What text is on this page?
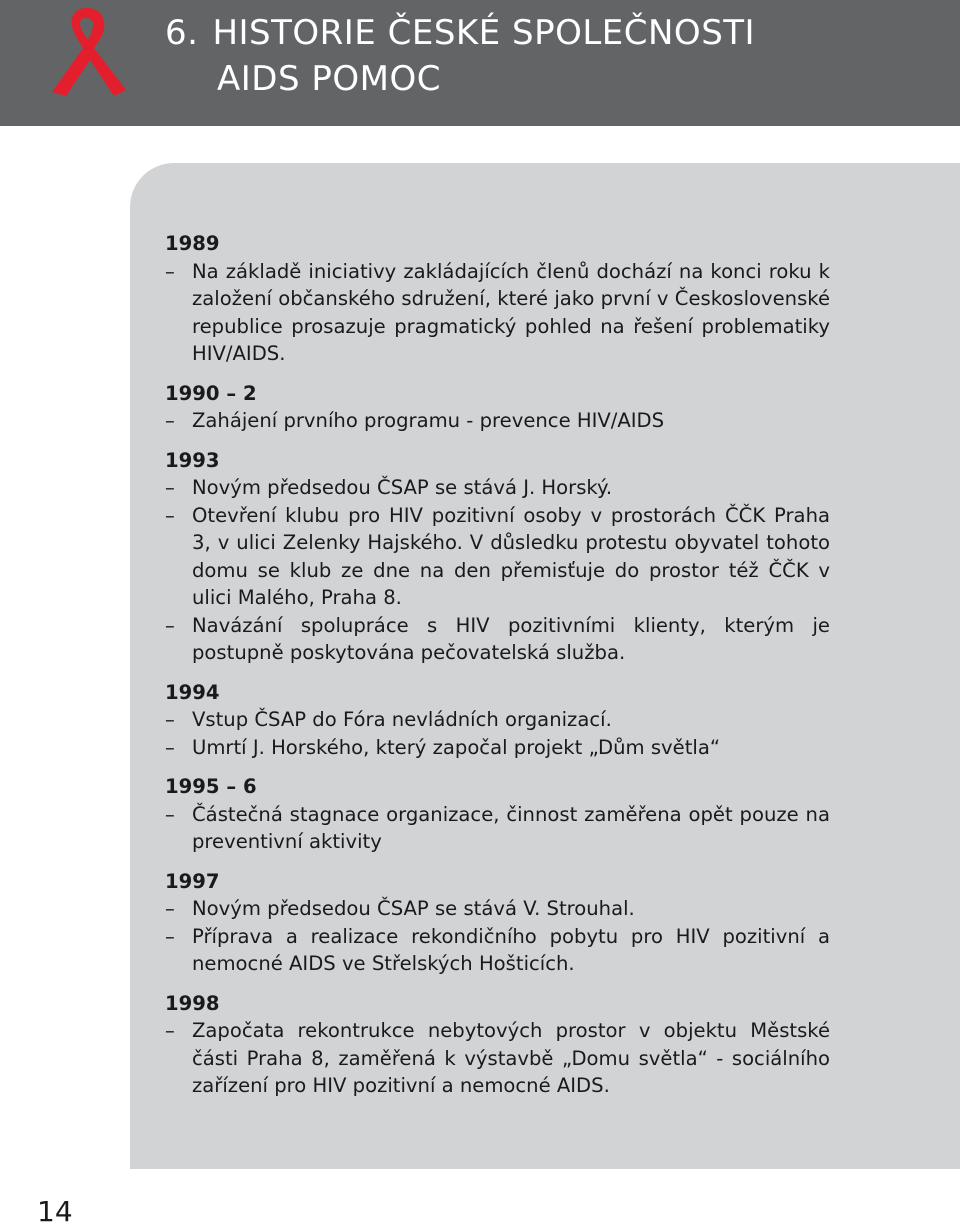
6. HISTORIE ČESKÉ SPOLEČNOSTI
AIDS POMOC
1989
– Na základě iniciativy zakládajících členů dochází na konci roku k založení občanského sdružení, které jako první v Československé republice prosazuje pragmatický pohled na řešení problematiky HIV/AIDS.
1990 – 2
– Zahájení prvního programu - prevence HIV/AIDS
1993
– Novým předsedou ČSAP se stává J. Horský.
– Otevření klubu pro HIV pozitivní osoby v prostorách ČČK Praha 3, v ulici Zelenky Hajského. V důsledku protestu obyvatel tohoto domu se klub ze dne na den přemisťuje do prostor též ČČK v ulici Malého, Praha 8.
– Navázání spolupráce s HIV pozitivními klienty, kterým je postupně poskytována pečovatelská služba.
1994
– Vstup ČSAP do Fóra nevládních organizací.
– Umrtí J. Horského, který započal projekt „Dům světla“
1995 – 6
– Částečná stagnace organizace, činnost zaměřena opět pouze na preventivní aktivity
1997
– Novým předsedou ČSAP se stává V. Strouhal.
– Příprava a realizace rekondičního pobytu pro HIV pozitivní a nemocné AIDS ve Střelských Hošticích.
1998
– Započata rekontrukce nebytových prostor v objektu Městské části Praha 8, zaměřená k výstavbě „Domu světla“ - sociálního zařízení pro HIV pozitivní a nemocné AIDS.
14
